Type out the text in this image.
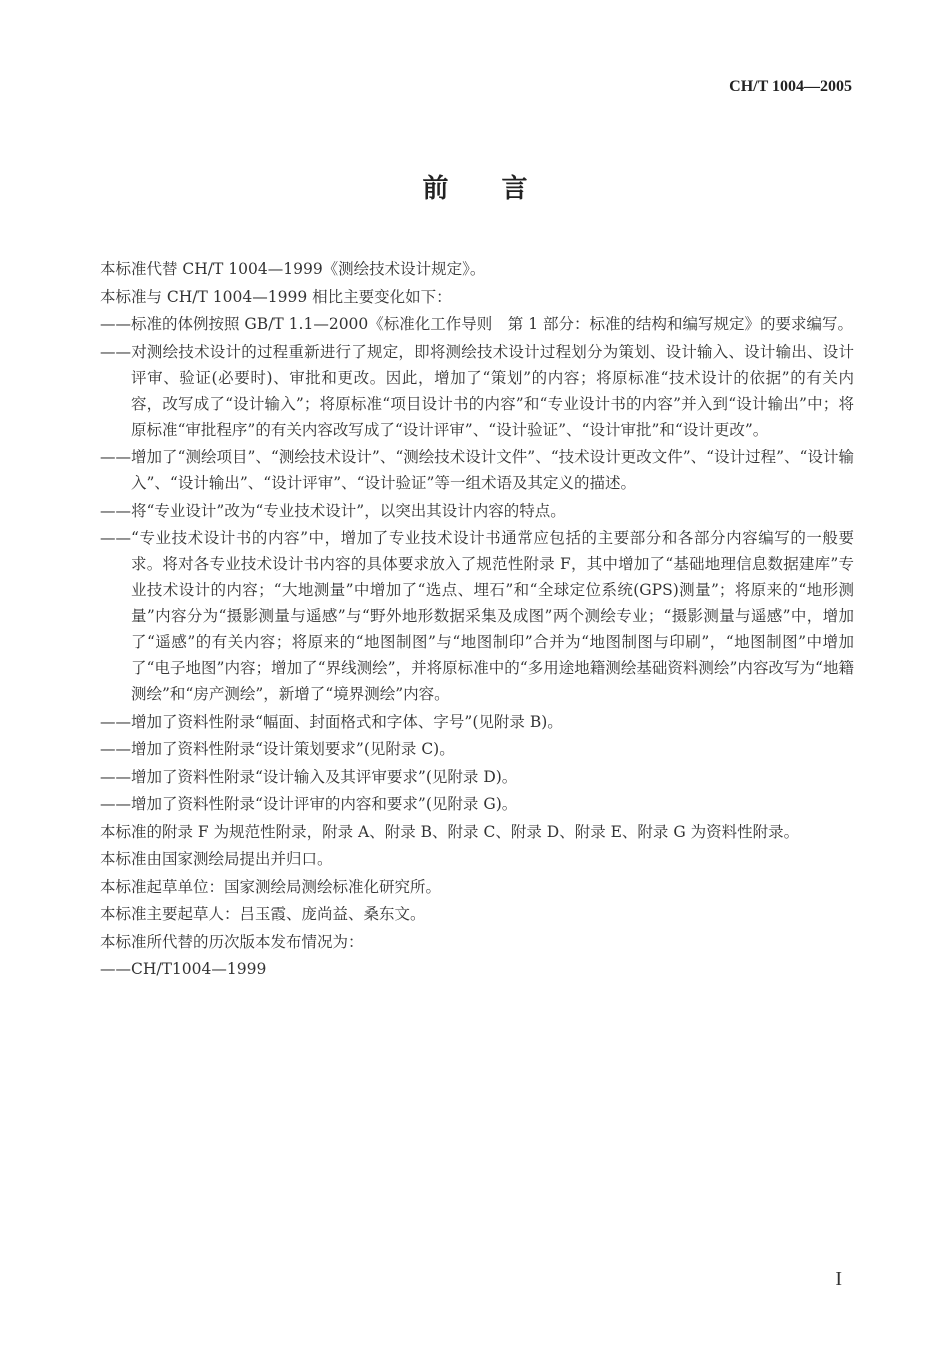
CH/T 1004—2005
前 言

本标准代替 CH/T 1004—1999《测绘技术设计规定》。

本标准与 CH/T 1004—1999 相比主要变化如下：

——标准的体例按照 GB/T 1.1—2000《标准化工作导则　第 1 部分：标准的结构和编写规定》的要求编写。

——对测绘技术设计的过程重新进行了规定，即将测绘技术设计过程划分为策划、设计输入、设计输出、设计评审、验证(必要时)、审批和更改。因此，增加了“策划”的内容；将原标准“技术设计的依据”的有关内容，改写成了“设计输入”；将原标准“项目设计书的内容”和“专业设计书的内容”并入到“设计输出”中；将原标准“审批程序”的有关内容改写成了“设计评审”、“设计验证”、“设计审批”和“设计更改”。

——增加了“测绘项目”、“测绘技术设计”、“测绘技术设计文件”、“技术设计更改文件”、“设计过程”、“设计输入”、“设计输出”、“设计评审”、“设计验证”等一组术语及其定义的描述。

——将“专业设计”改为“专业技术设计”，以突出其设计内容的特点。

——“专业技术设计书的内容”中，增加了专业技术设计书通常应包括的主要部分和各部分内容编写的一般要求。将对各专业技术设计书内容的具体要求放入了规范性附录 F，其中增加了“基础地理信息数据建库”专业技术设计的内容；“大地测量”中增加了“选点、埋石”和“全球定位系统(GPS)测量”；将原来的“地形测量”内容分为“摄影测量与遥感”与“野外地形数据采集及成图”两个测绘专业；“摄影测量与遥感”中，增加了“遥感”的有关内容；将原来的“地图制图”与“地图制印”合并为“地图制图与印刷”，“地图制图”中增加了“电子地图”内容；增加了“界线测绘”，并将原标准中的“多用途地籍测绘基础资料测绘”内容改写为“地籍测绘”和“房产测绘”，新增了“境界测绘”内容。

——增加了资料性附录“幅面、封面格式和字体、字号”(见附录 B)。

——增加了资料性附录“设计策划要求”(见附录 C)。

——增加了资料性附录“设计输入及其评审要求”(见附录 D)。

——增加了资料性附录“设计评审的内容和要求”(见附录 G)。

本标准的附录 F 为规范性附录，附录 A、附录 B、附录 C、附录 D、附录 E、附录 G 为资料性附录。

本标准由国家测绘局提出并归口。

本标准起草单位：国家测绘局测绘标准化研究所。

本标准主要起草人：吕玉霞、庞尚益、桑东文。

本标准所代替的历次版本发布情况为：

——CH/T1004—1999

I
